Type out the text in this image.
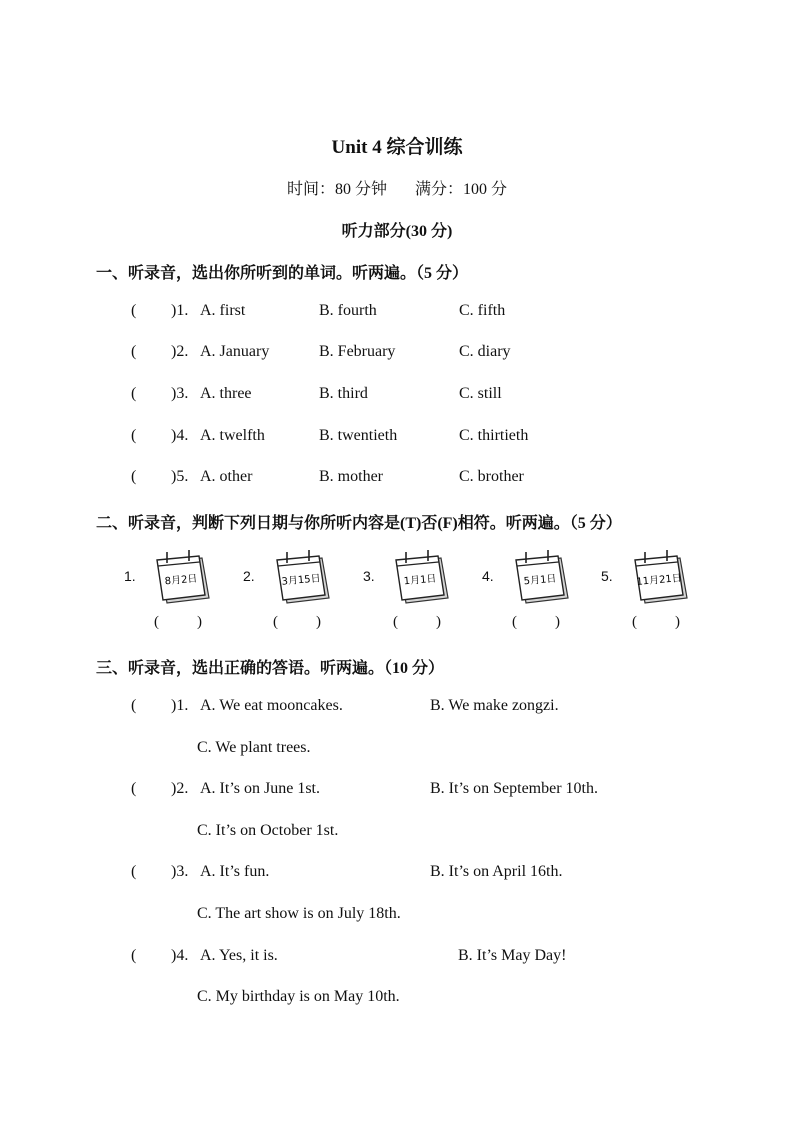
Unit 4 综合训练
时间：80 分钟 满分：100 分
听力部分(30 分)
一、听录音，选出你所听到的单词。听两遍。（5 分）
( )1. A. first	B. fourth	C. fifth
( )2. A. January	B. February	C. diary
( )3. A. three	B. third	C. still
( )4. A. twelfth	B. twentieth	C. thirtieth
( )5. A. other	B. mother	C. brother
二、听录音，判断下列日期与你所听内容是(T)否(F)相符。听两遍。（5 分）
1.	8月2日
(	)
2.	3月15日
(	)
3.	1月1日
(	)
4.	5月1日
(	)
5. 11月21日
(	)
三、听录音，选出正确的答语。听两遍。（10 分）
( )1. A. We eat mooncakes.	B. We make zongzi.
C. We plant trees.
( )2. A. It’s on June 1st.	B. It’s on September 10th.
C. It’s on October 1st.
( )3. A. It’s fun.	B. It’s on April 16th.
C. The art show is on July 18th.
( )4. A. Yes, it is.	B. It’s May Day!
C. My birthday is on May 10th.
